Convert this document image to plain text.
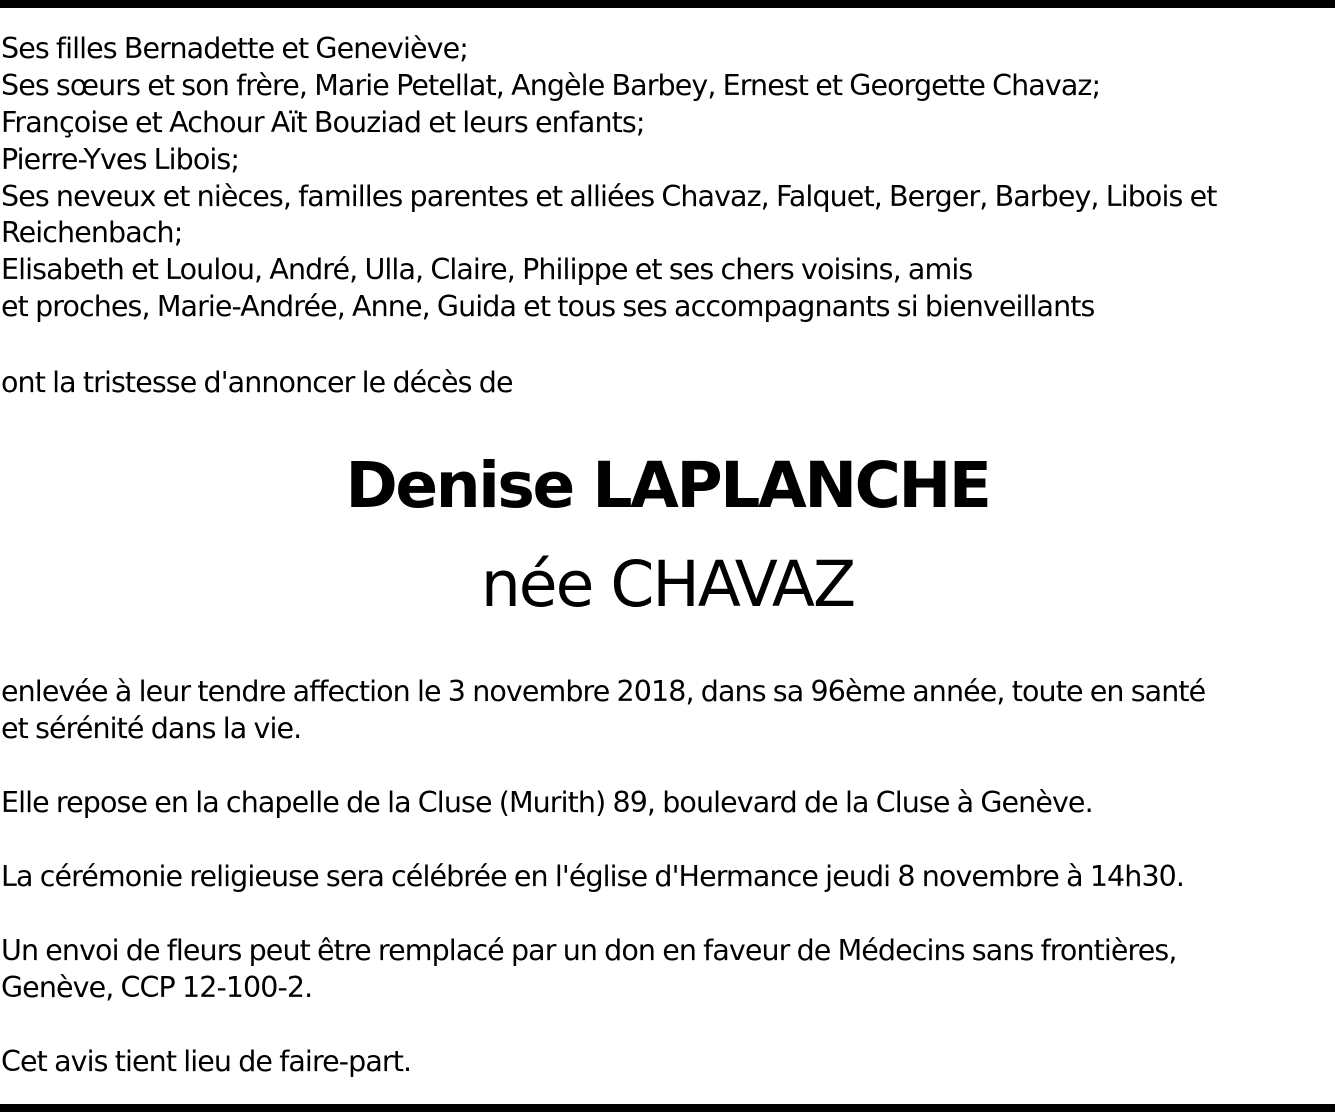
Ses filles Bernadette et Geneviève;
Ses sœurs et son frère, Marie Petellat, Angèle Barbey, Ernest et Georgette Chavaz;
Françoise et Achour Aït Bouziad et leurs enfants;
Pierre-Yves Libois;
Ses neveux et nièces, familles parentes et alliées Chavaz, Falquet, Berger, Barbey, Libois et
Reichenbach;
Elisabeth et Loulou, André, Ulla, Claire, Philippe et ses chers voisins, amis
et proches, Marie-Andrée, Anne, Guida et tous ses accompagnants si bienveillants

ont la tristesse d'annoncer le décès de

Denise LAPLANCHE
née CHAVAZ

enlevée à leur tendre affection le 3 novembre 2018, dans sa 96ème année, toute en santé
et sérénité dans la vie.

Elle repose en la chapelle de la Cluse (Murith) 89, boulevard de la Cluse à Genève.

La cérémonie religieuse sera célébrée en l'église d'Hermance jeudi 8 novembre à 14h30.

Un envoi de fleurs peut être remplacé par un don en faveur de Médecins sans frontières,
Genève, CCP 12-100-2.

Cet avis tient lieu de faire-part.
